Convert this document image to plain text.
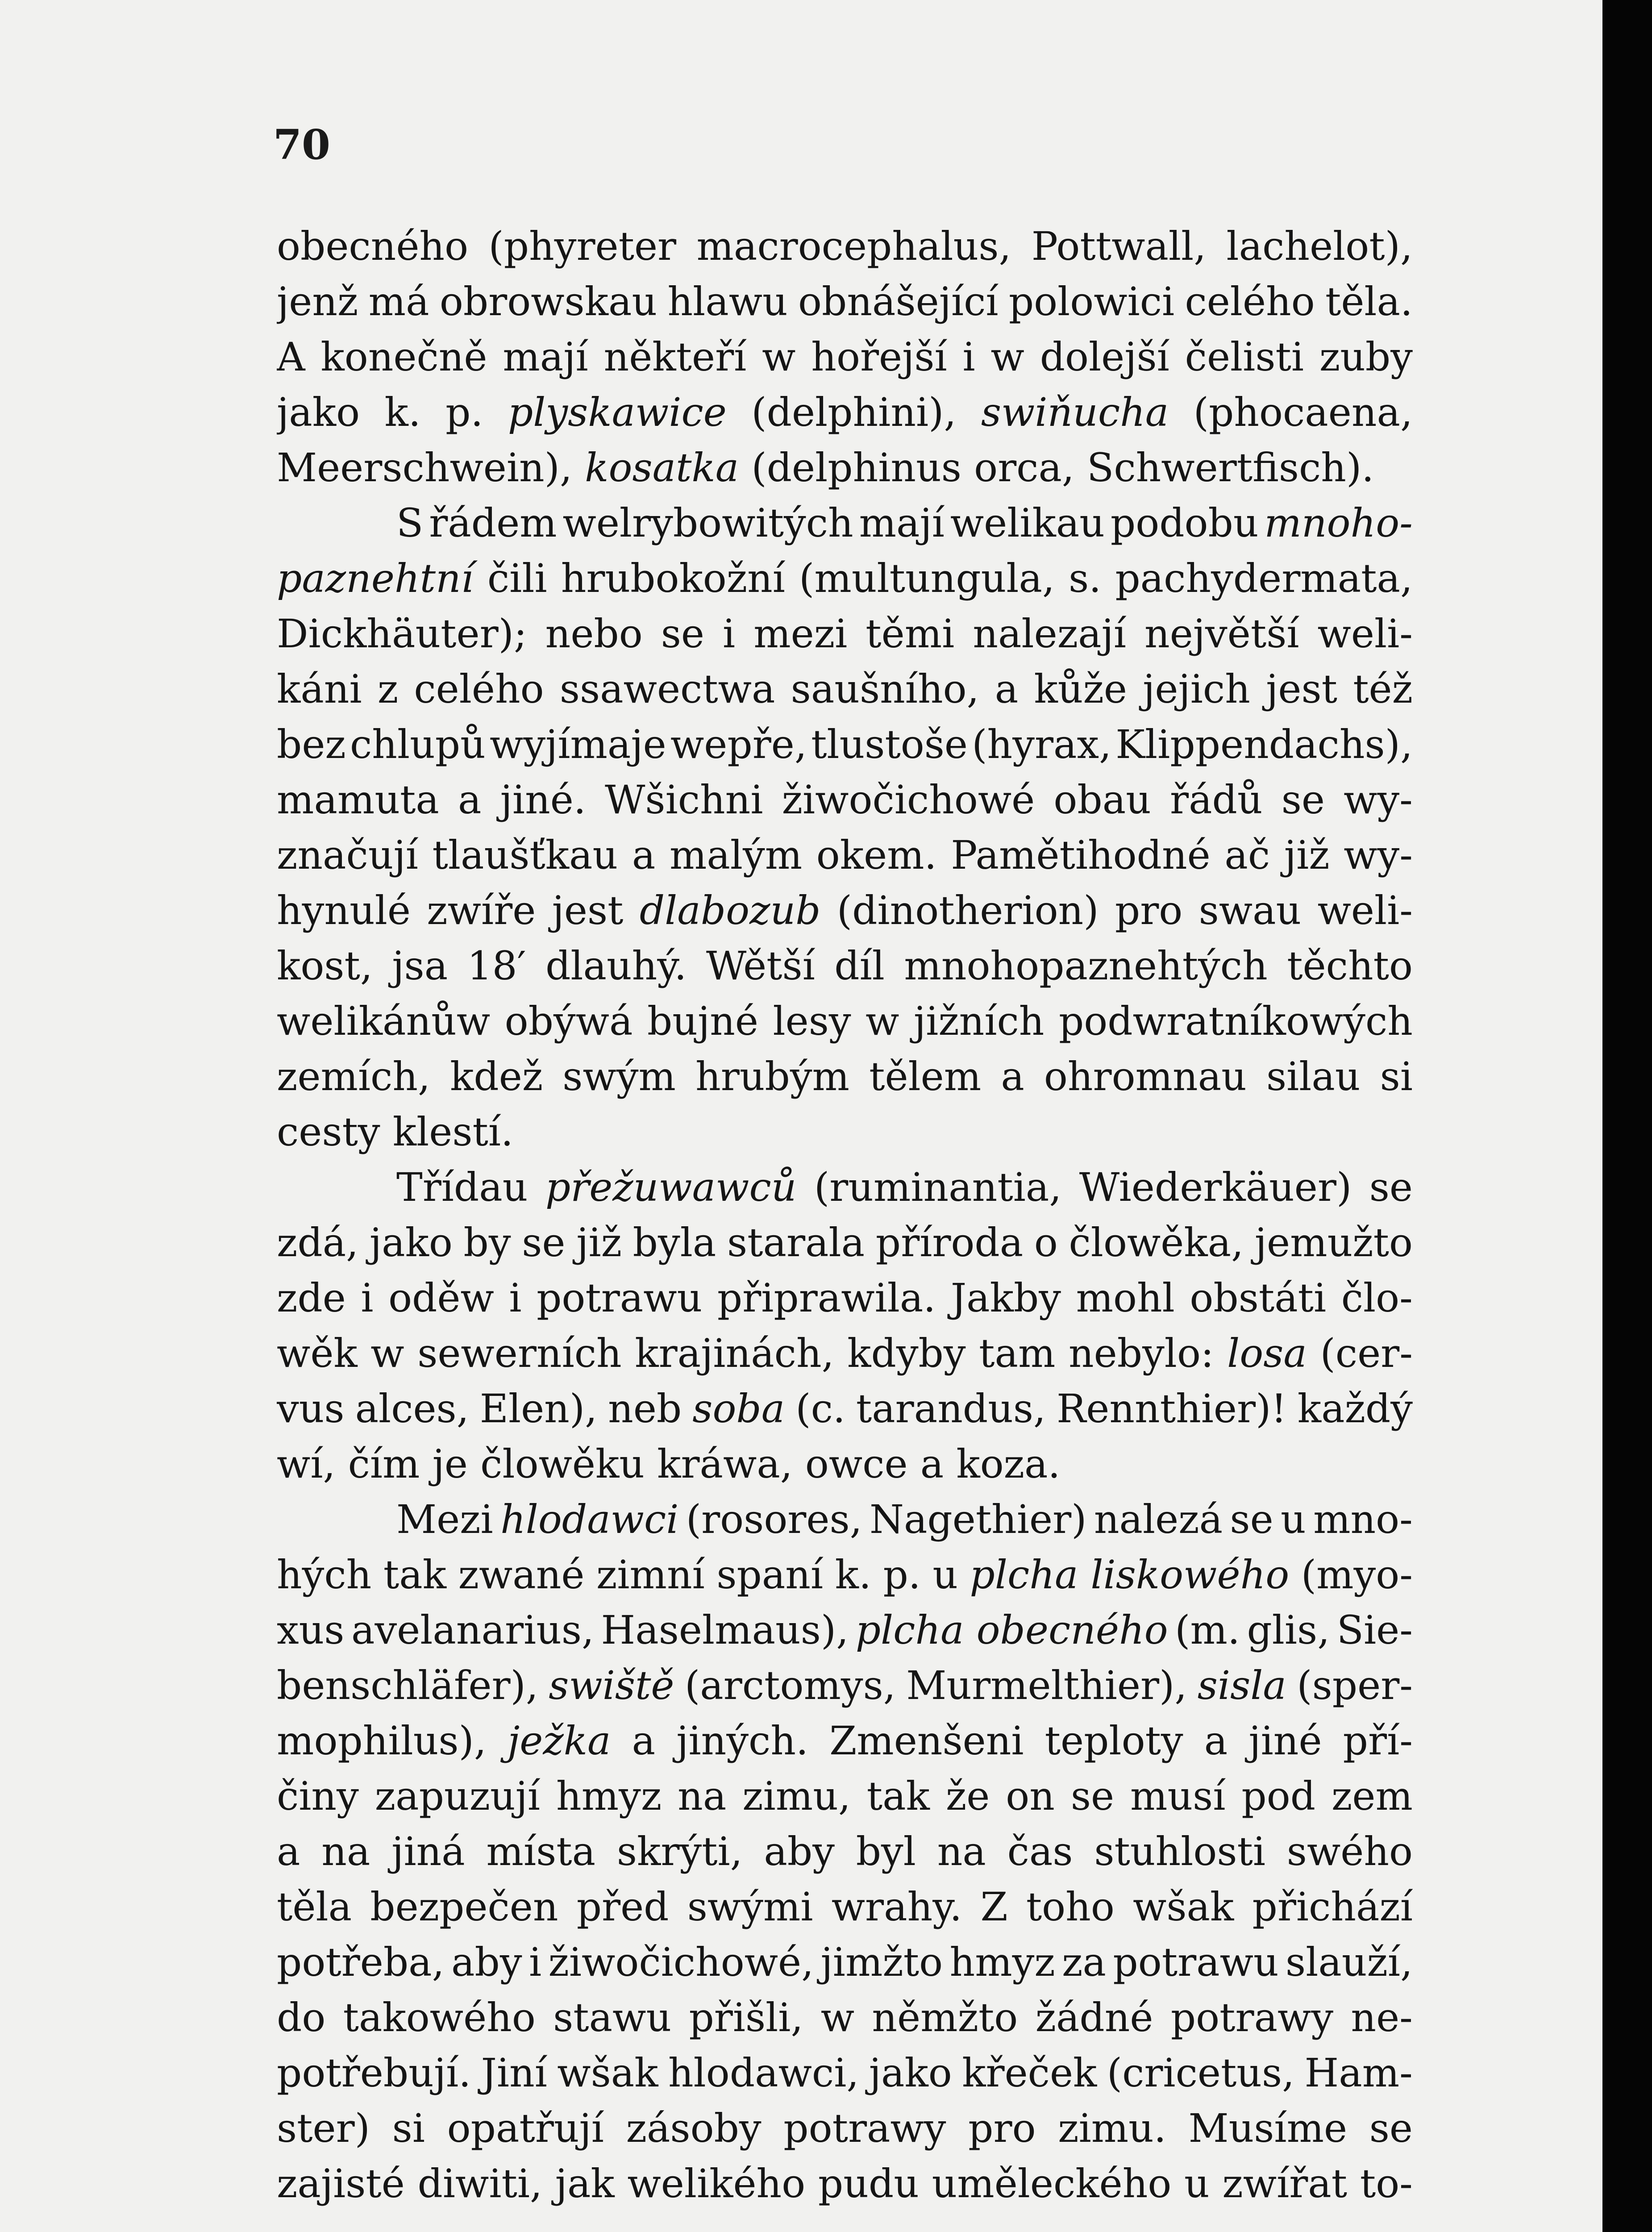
70
obecného (phyreter macrocephalus, Pottwall, lachelot),
jenž má obrowskau hlawu obnášející polowici celého těla.
A konečně mají někteří w hořejší i w dolejší čelisti zuby
jako k. p. plyskawice (delphini), swiňucha (phocaena,
Meerschwein), kosatka (delphinus orca, Schwertfisch).
S řádem welrybowitých mají welikau podobu mnoho-
paznehtní čili hrubokožní (multungula, s. pachydermata,
Dickhäuter); nebo se i mezi těmi nalezají největší weli-
káni z celého ssawectwa saušního, a kůže jejich jest též
bez chlupů wyjímaje wepře, tlustoše (hyrax, Klippendachs),
mamuta a jiné. Wšichni žiwočichowé obau řádů se wy-
značují tlaušťkau a malým okem. Pamětihodné ač již wy-
hynulé zwíře jest dlabozub (dinotherion) pro swau weli-
kost, jsa 18′ dlauhý. Wětší díl mnohopaznehtých těchto
welikánůw obýwá bujné lesy w jižních podwratníkowých
zemích, kdež swým hrubým tělem a ohromnau silau si
cesty klestí.
Třídau přežuwawců (ruminantia, Wiederkäuer) se
zdá, jako by se již byla starala příroda o člowěka, jemužto
zde i oděw i potrawu připrawila. Jakby mohl obstáti člo-
wěk w sewerních krajinách, kdyby tam nebylo: losa (cer-
vus alces, Elen), neb soba (c. tarandus, Rennthier)! každý
wí, čím je člowěku kráwa, owce a koza.
Mezi hlodawci (rosores, Nagethier) nalezá se u mno-
hých tak zwané zimní spaní k. p. u plcha liskowého (myo-
xus avelanarius, Haselmaus), plcha obecného (m. glis, Sie-
benschläfer), swiště (arctomys, Murmelthier), sisla (sper-
mophilus), ježka a jiných. Zmenšeni teploty a jiné pří-
činy zapuzují hmyz na zimu, tak že on se musí pod zem
a na jiná místa skrýti, aby byl na čas stuhlosti swého
těla bezpečen před swými wrahy. Z toho wšak přichází
potřeba, aby i žiwočichowé, jimžto hmyz za potrawu slauží,
do takowého stawu přišli, w němžto žádné potrawy ne-
potřebují. Jiní wšak hlodawci, jako křeček (cricetus, Ham-
ster) si opatřují zásoby potrawy pro zimu. Musíme se
zajisté diwiti, jak welikého pudu uměleckého u zwířat to-
